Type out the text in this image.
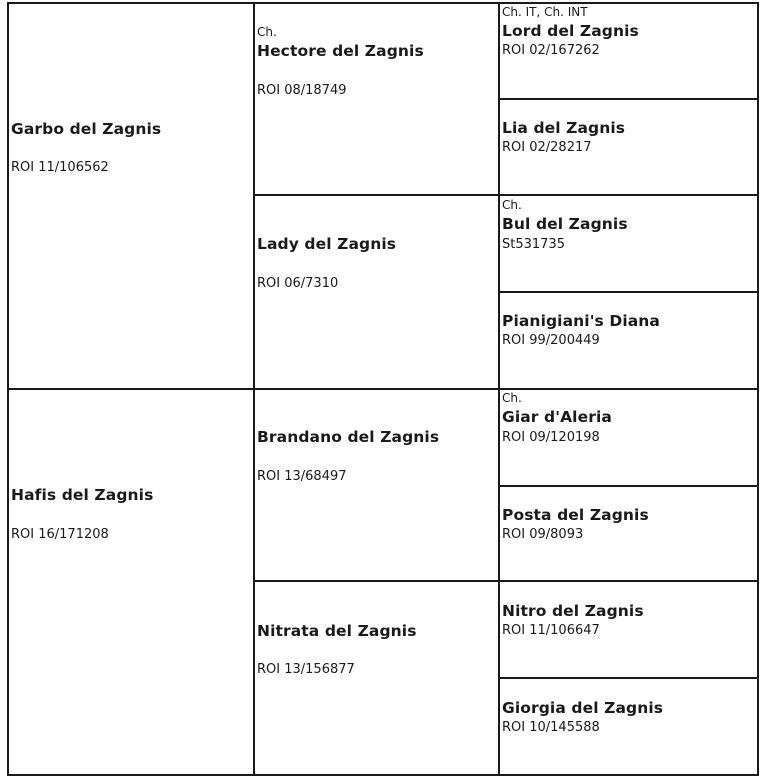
Garbo del Zagnis
ROI 11/106562
Hafis del Zagnis
ROI 16/171208
Ch.
Hectore del Zagnis
ROI 08/18749
Lady del Zagnis
ROI 06/7310
Brandano del Zagnis
ROI 13/68497
Nitrata del Zagnis
ROI 13/156877
Ch. IT, Ch. INT
Lord del Zagnis
ROI 02/167262
Lia del Zagnis
ROI 02/28217
Ch.
Bul del Zagnis
St531735
Pianigiani's Diana
ROI 99/200449
Ch.
Giar d'Aleria
ROI 09/120198
Posta del Zagnis
ROI 09/8093
Nitro del Zagnis
ROI 11/106647
Giorgia del Zagnis
ROI 10/145588
